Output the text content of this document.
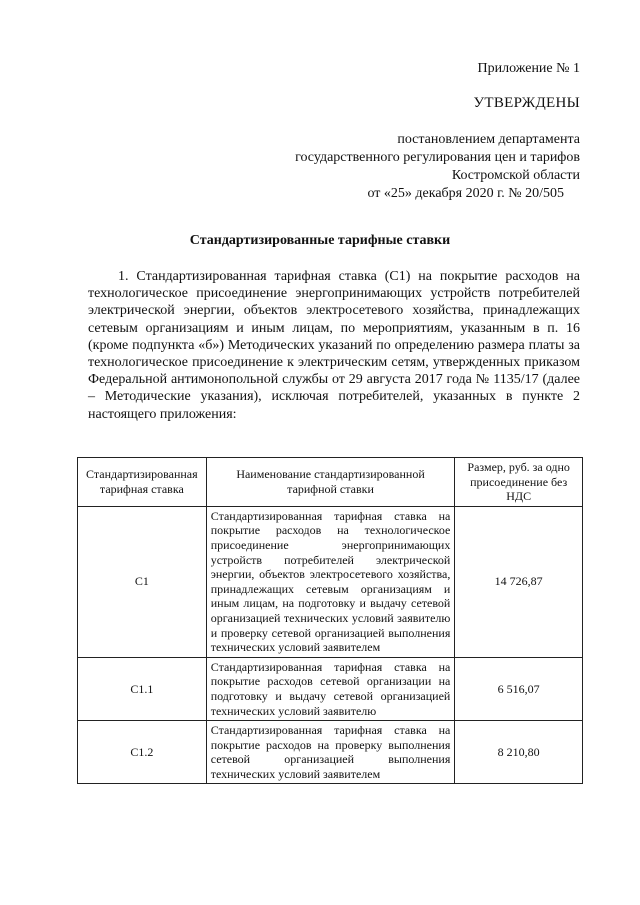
Приложение № 1
УТВЕРЖДЕНЫ
постановлением департамента
государственного регулирования цен и тарифов
Костромской области
от «25» декабря 2020 г. № 20/505
Стандартизированные тарифные ставки
1. Стандартизированная тарифная ставка (С1) на покрытие расходов на технологическое присоединение энергопринимающих устройств потребителей электрической энергии, объектов электросетевого хозяйства, принадлежащих сетевым организациям и иным лицам, по мероприятиям, указанным в п. 16 (кроме подпункта «б») Методических указаний по определению размера платы за технологическое присоединение к электрическим сетям, утвержденных приказом Федеральной антимонопольной службы от 29 августа 2017 года № 1135/17 (далее – Методические указания), исключая потребителей, указанных в пункте 2 настоящего приложения:
Стандартизированная тарифная ставка	Наименование стандартизированной тарифной ставки	Размер, руб. за одно присоединение без НДС
С1	Стандартизированная тарифная ставка на покрытие расходов на технологическое присоединение энергопринимающих устройств потребителей электрической энергии, объектов электросетевого хозяйства, принадлежащих сетевым организациям и иным лицам, на подготовку и выдачу сетевой организацией технических условий заявителю и проверку сетевой организацией выполнения технических условий заявителем	14 726,87
С1.1	Стандартизированная тарифная ставка на покрытие расходов сетевой организации на подготовку и выдачу сетевой организацией технических условий заявителю	6 516,07
С1.2	Стандартизированная тарифная ставка на покрытие расходов на проверку выполнения сетевой организацией выполнения технических условий заявителем	8 210,80
